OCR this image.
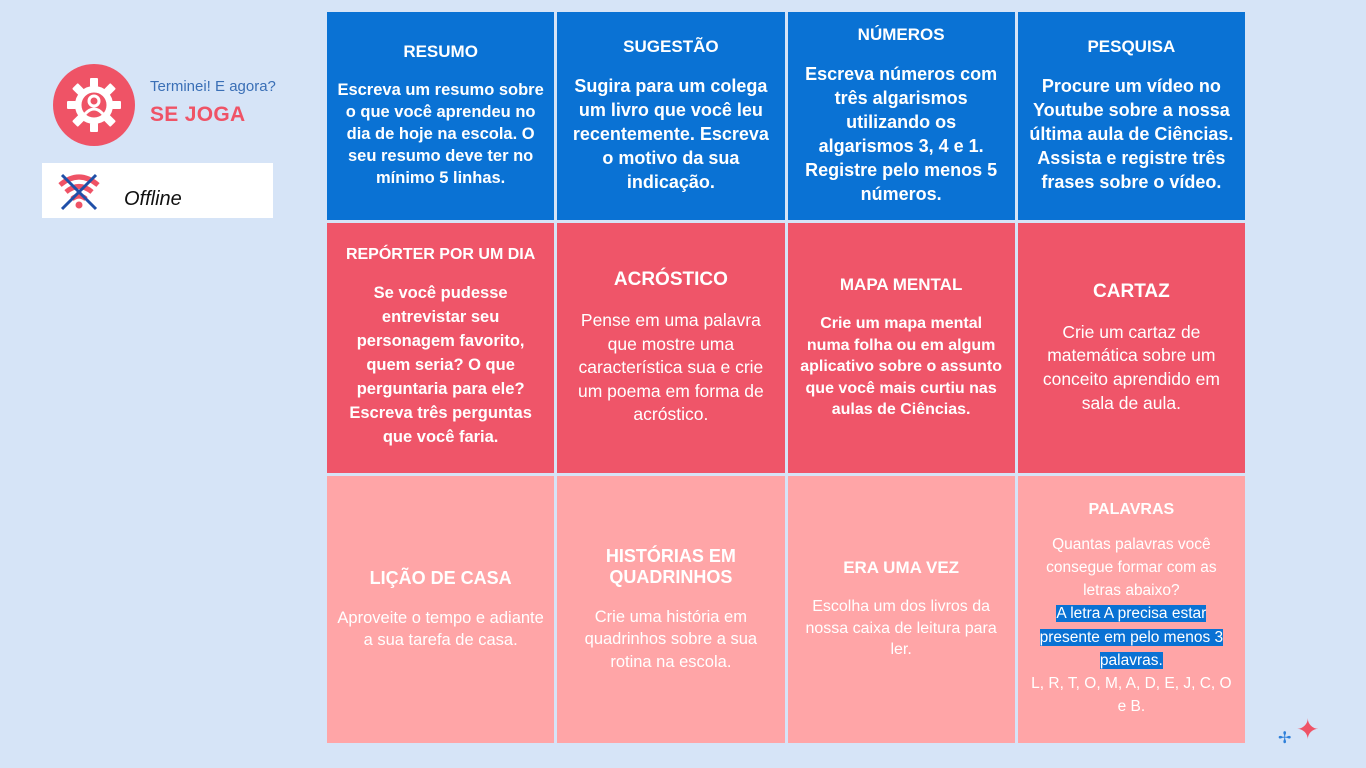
Terminei! E agora?
SE JOGA
Offline
RESUMO
Escreva um resumo sobre o que você aprendeu no dia de hoje na escola. O seu resumo deve ter no mínimo 5 linhas.
SUGESTÃO
Sugira para um colega um livro que você leu recentemente. Escreva o motivo da sua indicação.
NÚMEROS
Escreva números com três algarismos utilizando os algarismos 3, 4 e 1. Registre pelo menos 5 números.
PESQUISA
Procure um vídeo no Youtube sobre a nossa última aula de Ciências. Assista e registre três frases sobre o vídeo.
REPÓRTER POR UM DIA
Se você pudesse entrevistar seu personagem favorito, quem seria? O que perguntaria para ele? Escreva três perguntas que você faria.
ACRÓSTICO
Pense em uma palavra que mostre uma característica sua e crie um poema em forma de acróstico.
MAPA MENTAL
Crie um mapa mental numa folha ou em algum aplicativo sobre o assunto que você mais curtiu nas aulas de Ciências.
CARTAZ
Crie um cartaz de matemática sobre um conceito aprendido em sala de aula.
LIÇÃO DE CASA
Aproveite o tempo e adiante a sua tarefa de casa.
HISTÓRIAS EM QUADRINHOS
Crie uma história em quadrinhos sobre a sua rotina na escola.
ERA UMA VEZ
Escolha um dos livros da nossa caixa de leitura para ler.
PALAVRAS
Quantas palavras você consegue formar com as letras abaixo?
A letra A precisa estar presente em pelo menos 3 palavras.
L, R, T, O, M, A, D, E, J, C, O e B.
✢ ✦
